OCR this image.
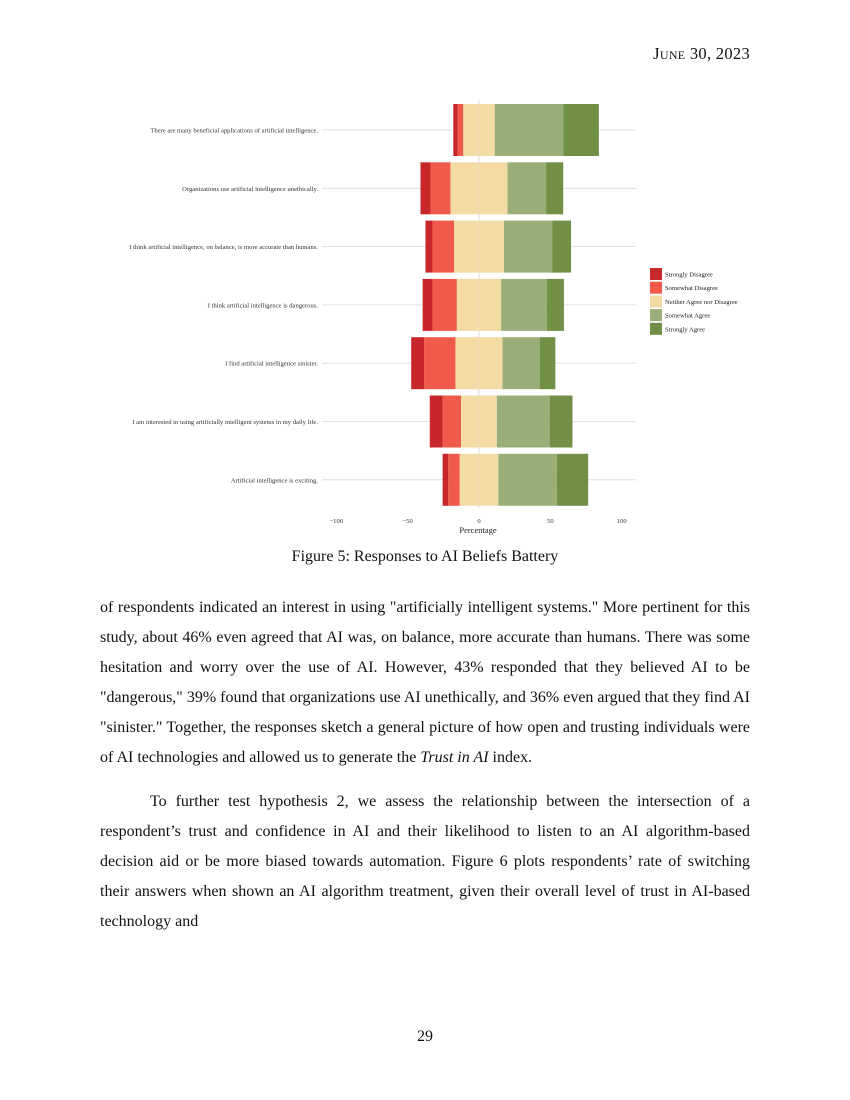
June 30, 2023
There are many beneficial applications of artificial intelligence.
Organizations use artificial intelligence unethically.
I think artificial intelligence, on balance, is more accurate than humans.
I think artificial intelligence is dangerous.
I find artificial intelligence sinister.
I am interested in using artificially intelligent systems in my daily life.
Artificial intelligence is exciting.
−100	−50	0	50	100
Percentage
Strongly Disagree
Somewhat Disagree
Neither Agree nor Disagree
Somewhat Agree
Strongly Agree
Figure 5: Responses to AI Beliefs Battery

of respondents indicated an interest in using "artificially intelligent systems." More pertinent for this study, about 46% even agreed that AI was, on balance, more accurate than humans. There was some hesitation and worry over the use of AI. However, 43% responded that they believed AI to be "dangerous," 39% found that organizations use AI unethically, and 36% even argued that they find AI "sinister." Together, the responses sketch a general picture of how open and trusting individuals were of AI technologies and allowed us to generate the Trust in AI index.

To further test hypothesis 2, we assess the relationship between the intersection of a respondent’s trust and confidence in AI and their likelihood to listen to an AI algorithm-based decision aid or be more biased towards automation. Figure 6 plots respondents’ rate of switching their answers when shown an AI algorithm treatment, given their overall level of trust in AI-based technology and

29
